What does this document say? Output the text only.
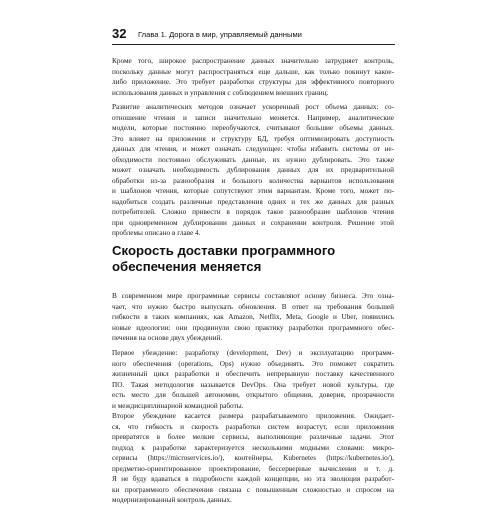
32 Глава 1. Дорога в мир, управляемый данными
Кроме того, широкое распространение данных значительно затрудняет контроль,
поскольку данные могут распространяться еще дальше, как только покинут какое-
либо приложение. Это требует разработки структуры для эффективного повторного
использования данных и управления с соблюдением внешних границ.
Развитие аналитических методов означает ускоренный рост объема данных: со-
отношение чтения и записи значительно меняется. Например, аналитические
модели, которые постоянно переобучаются, считывают большие объемы данных.
Это влияет на приложения и структуру БД, требуя оптимизировать доступность
данных для чтения, и может означать следующее: чтобы избавить системы от не-
обходимости постоянно обслуживать данные, их нужно дублировать. Это также
может означать необходимость дублирования данных для их предварительной
обработки из-за разнообразия и большого количества вариантов использования
и шаблонов чтения, которые сопутствуют этим вариантам. Кроме того, может по-
надобиться создать различные представления одних и тех же данных для разных
потребителей. Сложно привести в порядок такое разнообразие шаблонов чтения
при одновременном дублировании данных и сохранении контроля. Решение этой
проблемы описано в главе 4.
Скорость доставки программного
обеспечения меняется
В современном мире программные сервисы составляют основу бизнеса. Это озна-
чает, что нужно быстро выпускать обновления. В ответ на требования большей
гибкости в таких компаниях, как Amazon, Netflix, Meta, Google и Uber, появились
новые идеологии: они продвинули свою практику разработки программного обес-
печения на основе двух убеждений.
Первое убеждение: разработку (development, Dev) и эксплуатацию программ-
ного обеспечения (operations, Ops) нужно объединять. Это поможет сократить
жизненный цикл разработки и обеспечить непрерывную поставку качественного
ПО. Такая методология называется DevOps. Она требует новой культуры, где
есть место для большей автономии, открытого общения, доверия, прозрачности
и междисциплинарной командной работы.
Второе убеждение касается размера разрабатываемого приложения. Ожидает-
ся, что гибкость и скорость разработки систем возрастут, если приложения
превратятся в более мелкие сервисы, выполняющие различные задачи. Этот
подход к разработке характеризуется несколькими модными словами: микро-
сервисы (https://microservices.io/), контейнеры, Kubernetes (https://kubernetes.io/),
предметно-ориентированное проектирование, бессерверные вычисления и т. д.
Я не буду вдаваться в подробности каждой концепции, но эта эволюция разработ-
ки программного обеспечения связана с повышенным сложностью и спросом на
модернизированный контроль данных.
